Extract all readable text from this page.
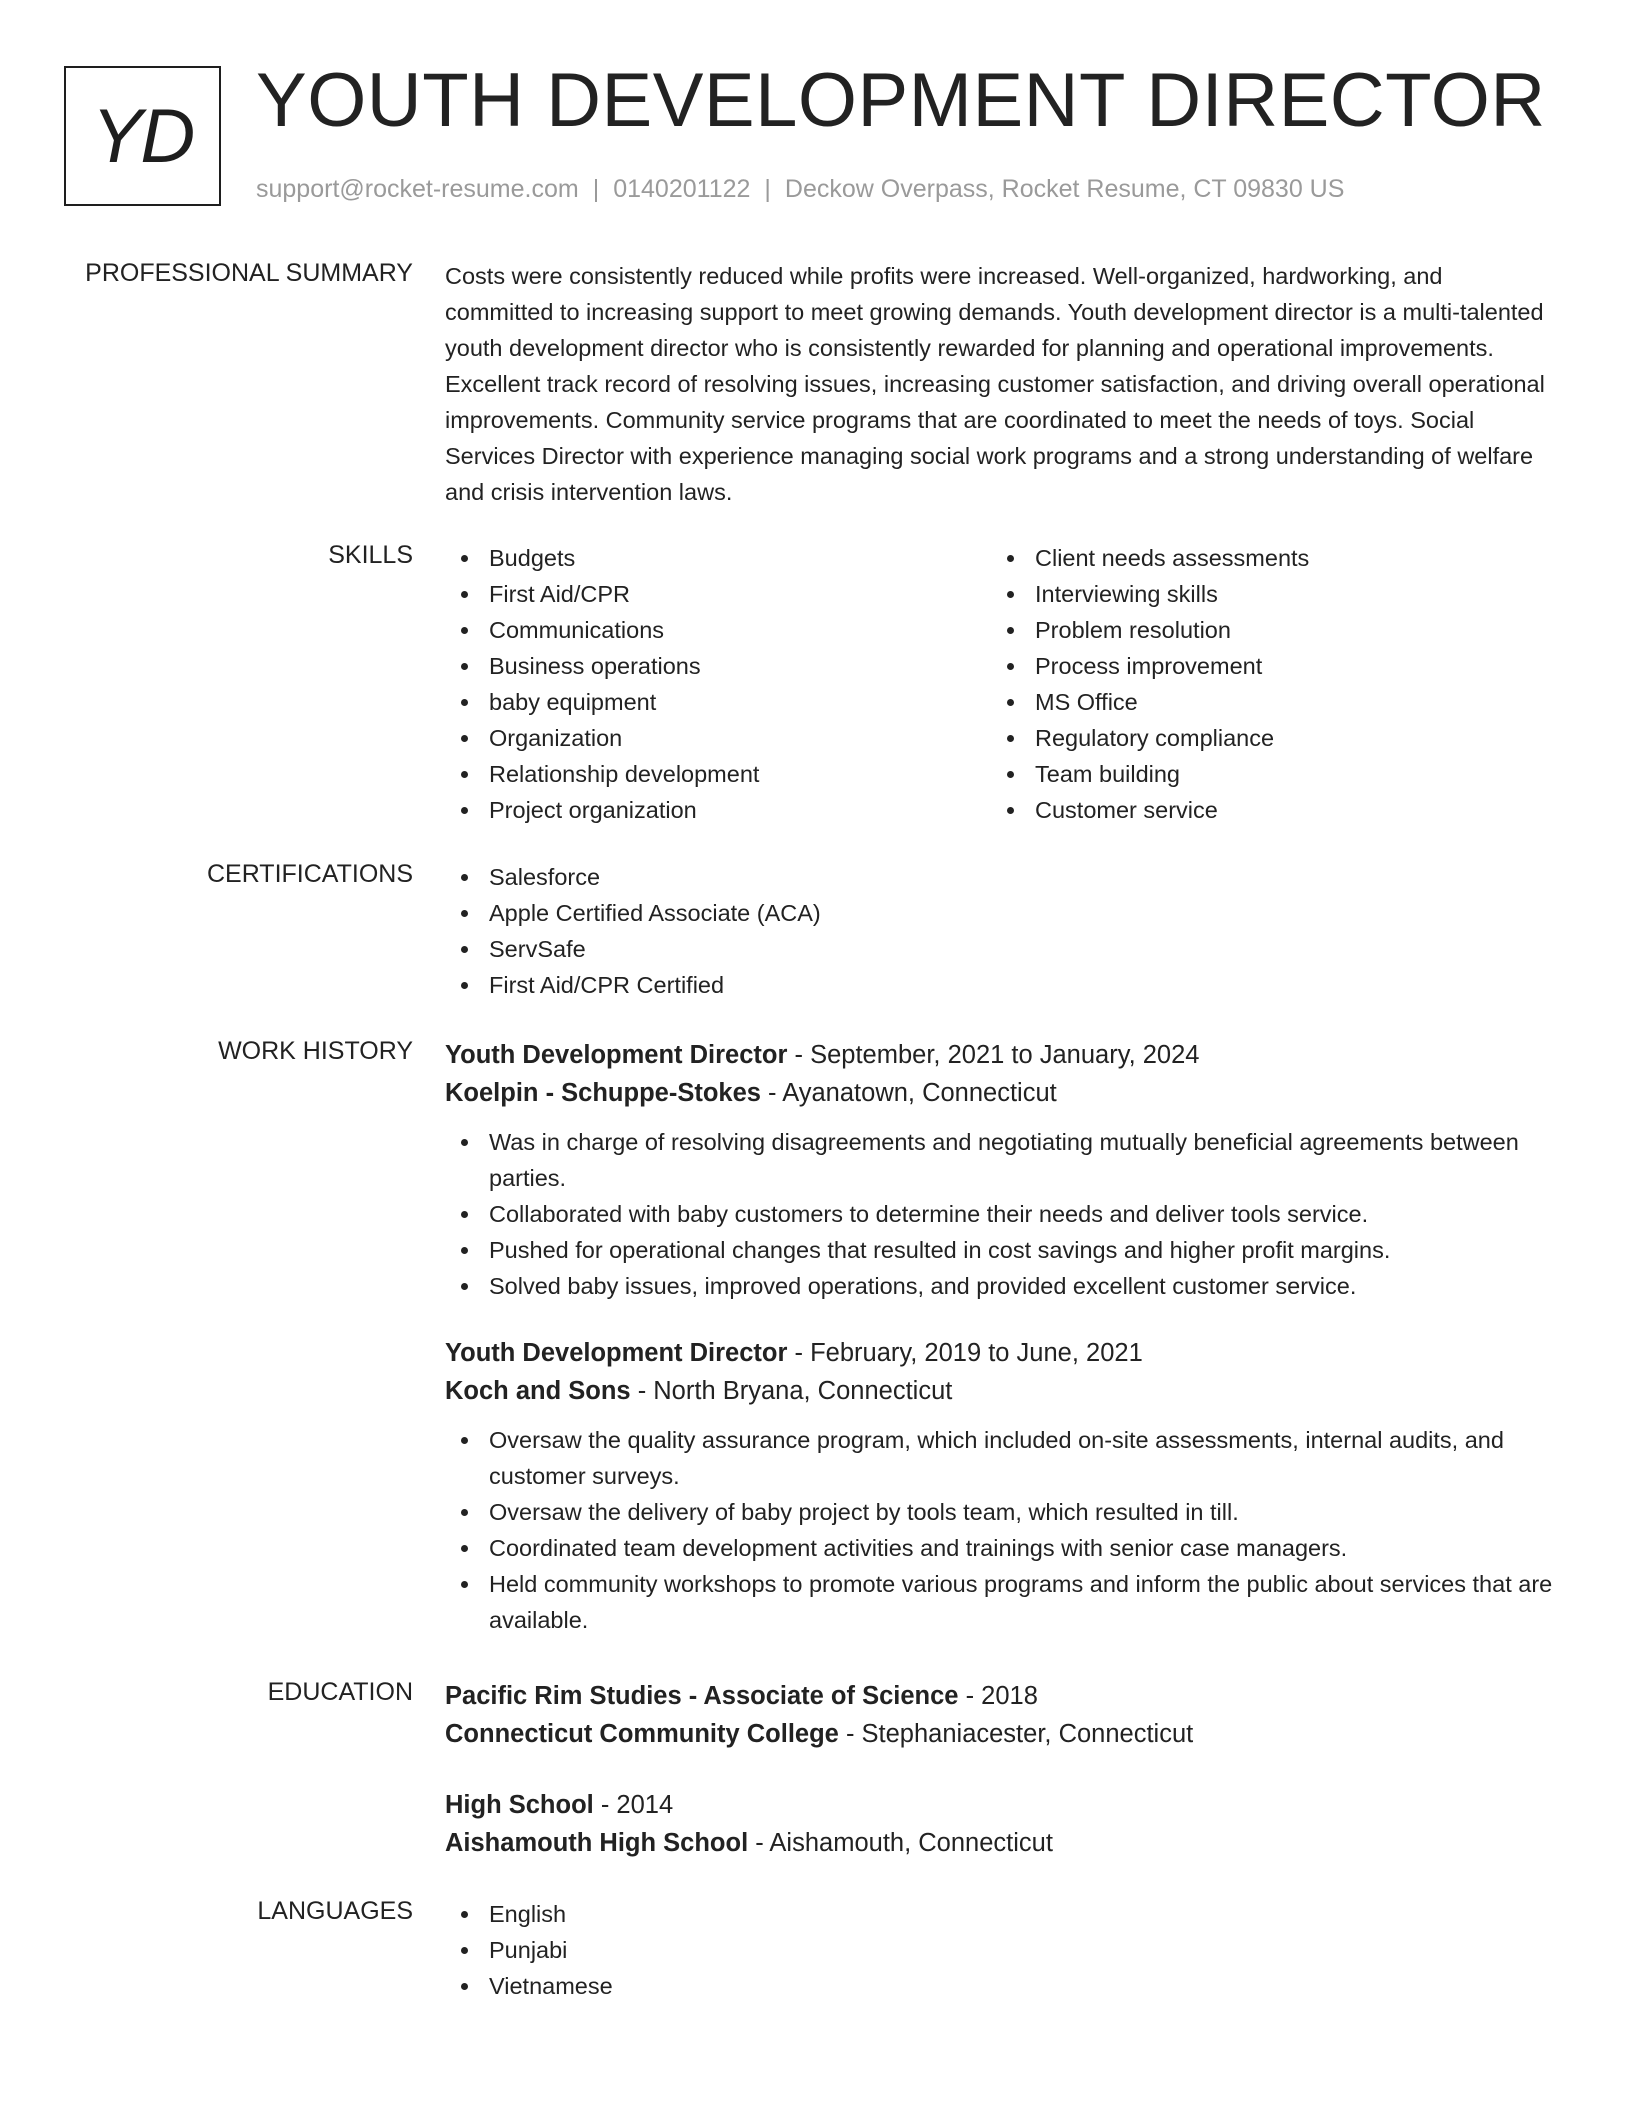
YD YOUTH DEVELOPMENT DIRECTOR
support@rocket-resume.com | 0140201122 | Deckow Overpass, Rocket Resume, CT 09830 US
PROFESSIONAL SUMMARY Costs were consistently reduced while profits were increased. Well-organized, hardworking, and committed to increasing support to meet growing demands. Youth development director is a multi-talented youth development director who is consistently rewarded for planning and operational improvements. Excellent track record of resolving issues, increasing customer satisfaction, and driving overall operational improvements. Community service programs that are coordinated to meet the needs of toys. Social Services Director with experience managing social work programs and a strong understanding of welfare and crisis intervention laws.

SKILLS	Budgets
First Aid/CPR
Communications
Business operations
baby equipment
Organization
Relationship development
Project organization
Client needs assessments
Interviewing skills
Problem resolution
Process improvement
MS Office
Regulatory compliance
Team building
Customer service
CERTIFICATIONS	Salesforce
Apple Certified Associate (ACA)
ServSafe
First Aid/CPR Certified
WORK HISTORY Youth Development Director - September, 2021 to January, 2024
Koelpin - Schuppe-Stokes - Ayanatown, Connecticut
Was in charge of resolving disagreements and negotiating mutually beneficial agreements between parties.
Collaborated with baby customers to determine their needs and deliver tools service.
Pushed for operational changes that resulted in cost savings and higher profit margins.
Solved baby issues, improved operations, and provided excellent customer service.
Youth Development Director - February, 2019 to June, 2021
Koch and Sons - North Bryana, Connecticut
Oversaw the quality assurance program, which included on-site assessments, internal audits, and customer surveys.
Oversaw the delivery of baby project by tools team, which resulted in till.
Coordinated team development activities and trainings with senior case managers.
Held community workshops to promote various programs and inform the public about services that are available.
EDUCATION Pacific Rim Studies - Associate of Science - 2018
Connecticut Community College - Stephaniacester, Connecticut
High School - 2014
Aishamouth High School - Aishamouth, Connecticut
LANGUAGES	English
Punjabi
Vietnamese
